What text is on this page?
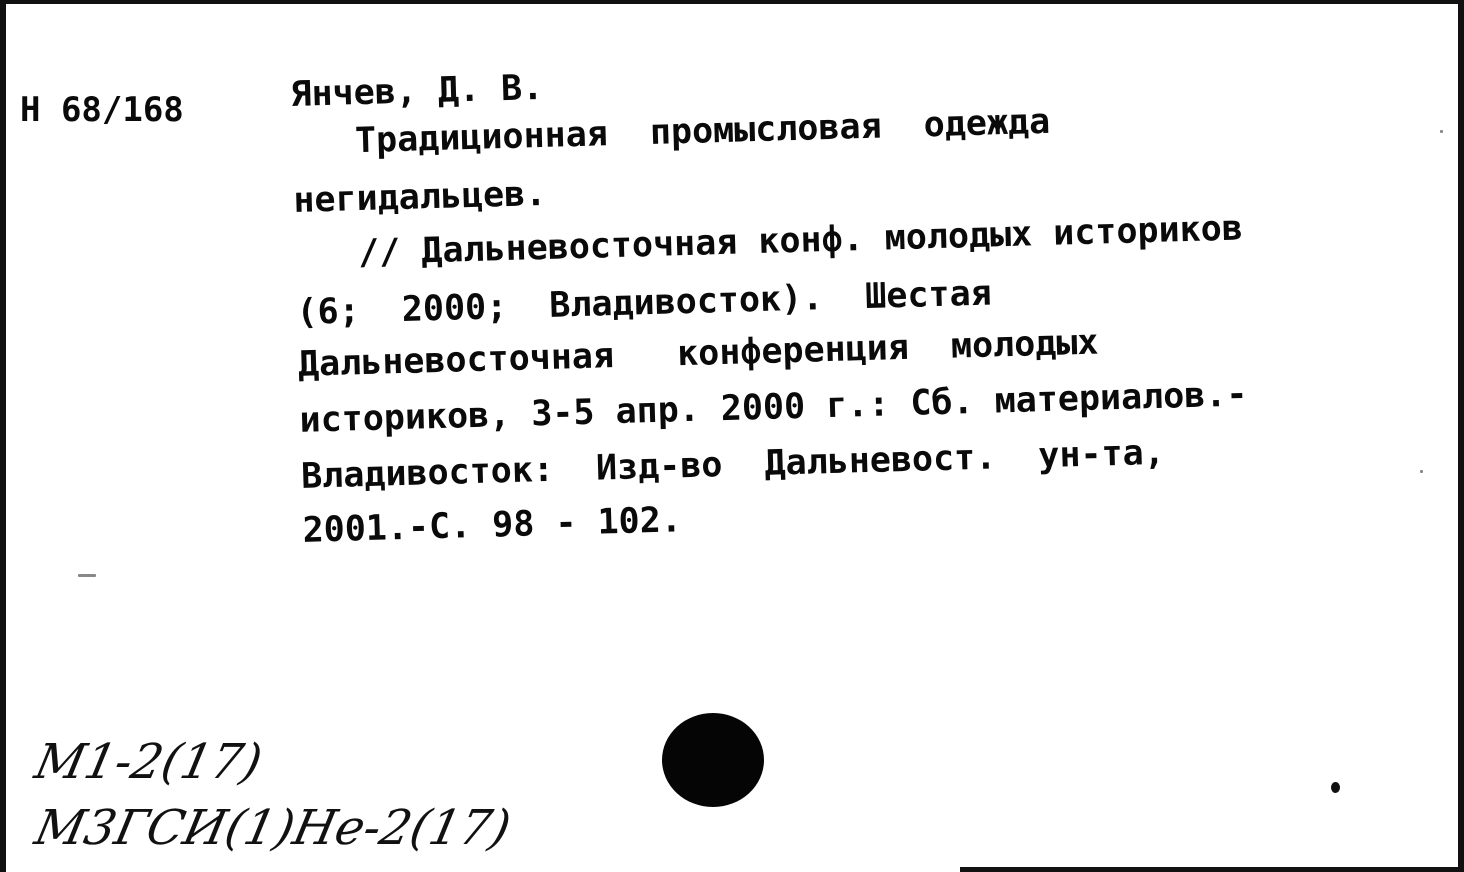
Н 68/168	Янчев, Д. В.
Традиционная  промысловая  одежда
негидальцев.
// Дальневосточная конф. молодых историков
(6;  2000;  Владивосток).  Шестая
Дальневосточная   конференция  молодых
историков, 3-5 апр. 2000 г.: Сб. материалов.-
Владивосток:  Изд-во  Дальневост.  ун-та,
2001.-С. 98 - 102.
М1-2(17)
М3ГСИ(1)Не-2(17)
